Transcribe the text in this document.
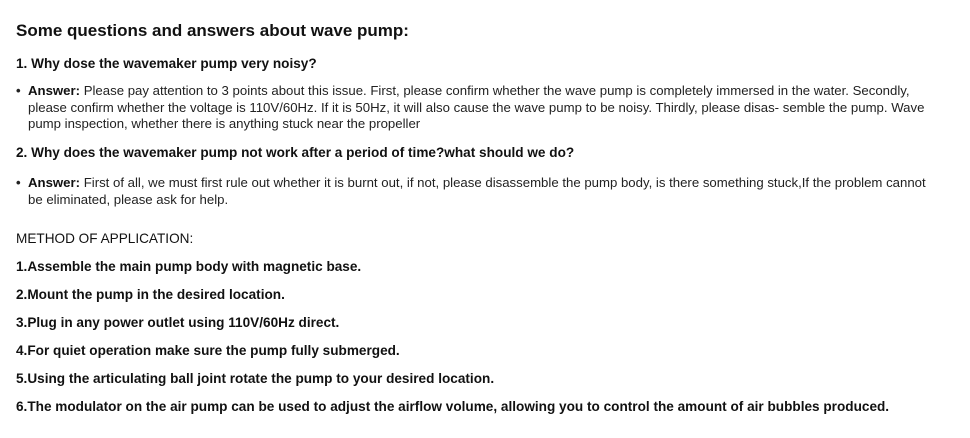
Some questions and answers about wave pump:
1. Why dose the wavemaker pump very noisy?
• Answer: Please pay attention to 3 points about this issue. First, please confirm whether the wave pump is completely immersed in the water. Secondly, please confirm whether the voltage is 110V/60Hz. If it is 50Hz, it will also cause the wave pump to be noisy. Thirdly, please disas- semble the pump. Wave pump inspection, whether there is anything stuck near the propeller
2. Why does the wavemaker pump not work after a period of time?what should we do?
• Answer: First of all, we must first rule out whether it is burnt out, if not, please disassemble the pump body, is there something stuck,If the problem cannot be eliminated, please ask for help.
METHOD OF APPLICATION:
1.Assemble the main pump body with magnetic base.
2.Mount the pump in the desired location.
3.Plug in any power outlet using 110V/60Hz direct.
4.For quiet operation make sure the pump fully submerged.
5.Using the articulating ball joint rotate the pump to your desired location.
6.The modulator on the air pump can be used to adjust the airflow volume, allowing you to control the amount of air bubbles produced.
